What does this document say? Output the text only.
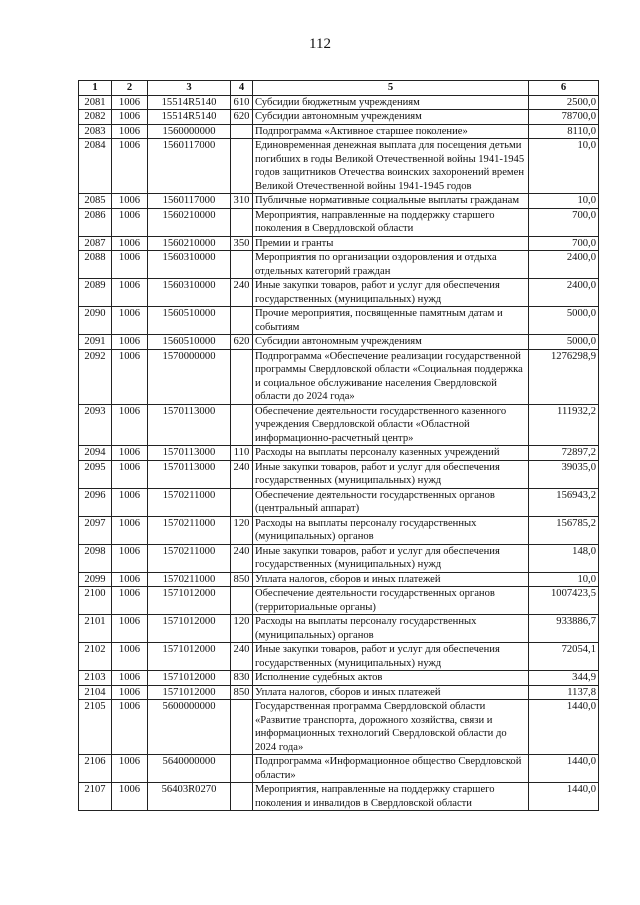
112
1	2	3	4	5	6
2081	1006	15514R5140	610	Субсидии бюджетным учреждениям	2500,0
2082	1006	15514R5140	620	Субсидии автономным учреждениям	78700,0
2083	1006	1560000000		Подпрограмма «Активное старшее поколение»	8110,0
2084	1006	1560117000		Единовременная денежная выплата для посещения детьми погибших в годы Великой Отечественной войны 1941-1945 годов защитников Отечества воинских захоронений времен Великой Отечественной войны 1941-1945 годов	10,0
2085	1006	1560117000	310	Публичные нормативные социальные выплаты гражданам	10,0
2086	1006	1560210000		Мероприятия, направленные на поддержку старшего поколения в Свердловской области	700,0
2087	1006	1560210000	350	Премии и гранты	700,0
2088	1006	1560310000		Мероприятия по организации оздоровления и отдыха отдельных категорий граждан	2400,0
2089	1006	1560310000	240	Иные закупки товаров, работ и услуг для обеспечения государственных (муниципальных) нужд	2400,0
2090	1006	1560510000		Прочие мероприятия, посвященные памятным датам и событиям	5000,0
2091	1006	1560510000	620	Субсидии автономным учреждениям	5000,0
2092	1006	1570000000		Подпрограмма «Обеспечение реализации государственной программы Свердловской области «Социальная поддержка и социальное обслуживание населения Свердловской области до 2024 года»	1276298,9
2093	1006	1570113000		Обеспечение деятельности государственного казенного учреждения Свердловской области «Областной информационно-расчетный центр»	111932,2
2094	1006	1570113000	110	Расходы на выплаты персоналу казенных учреждений	72897,2
2095	1006	1570113000	240	Иные закупки товаров, работ и услуг для обеспечения государственных (муниципальных) нужд	39035,0
2096	1006	1570211000		Обеспечение деятельности государственных органов (центральный аппарат)	156943,2
2097	1006	1570211000	120	Расходы на выплаты персоналу государственных (муниципальных) органов	156785,2
2098	1006	1570211000	240	Иные закупки товаров, работ и услуг для обеспечения государственных (муниципальных) нужд	148,0
2099	1006	1570211000	850	Уплата налогов, сборов и иных платежей	10,0
2100	1006	1571012000		Обеспечение деятельности государственных органов (территориальные органы)	1007423,5
2101	1006	1571012000	120	Расходы на выплаты персоналу государственных (муниципальных) органов	933886,7
2102	1006	1571012000	240	Иные закупки товаров, работ и услуг для обеспечения государственных (муниципальных) нужд	72054,1
2103	1006	1571012000	830	Исполнение судебных актов	344,9
2104	1006	1571012000	850	Уплата налогов, сборов и иных платежей	1137,8
2105	1006	5600000000		Государственная программа Свердловской области «Развитие транспорта, дорожного хозяйства, связи и информационных технологий Свердловской области до 2024 года»	1440,0
2106	1006	5640000000		Подпрограмма «Информационное общество Свердловской области»	1440,0
2107	1006	56403R0270		Мероприятия, направленные на поддержку старшего поколения и инвалидов в Свердловской области	1440,0
